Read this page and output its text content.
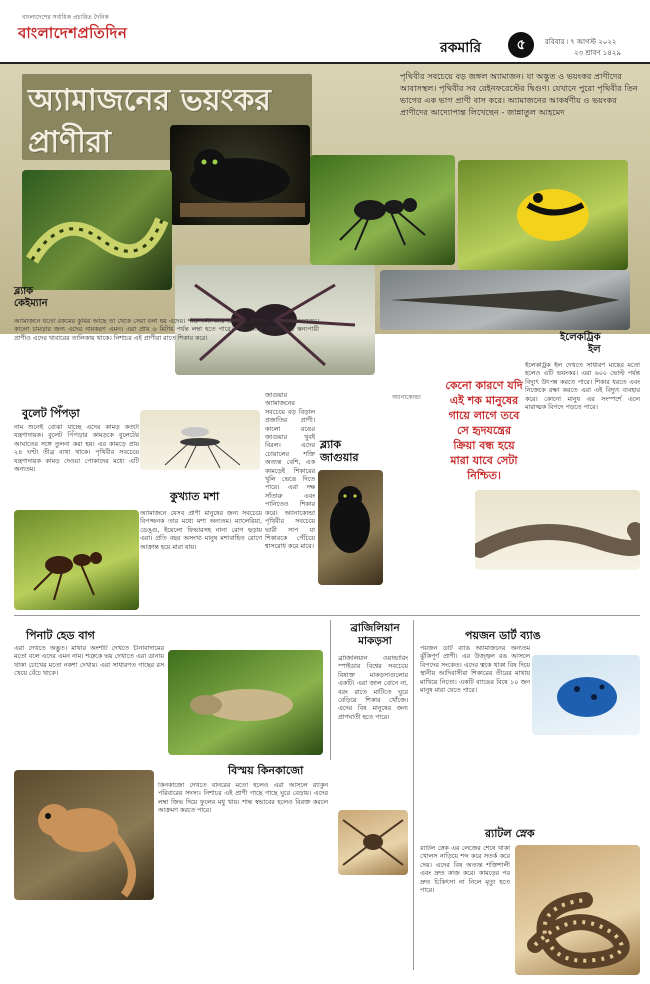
বাংলাদেশের সর্বাধিক প্রচারিত দৈনিক
বাংলাদেশপ্রতিদিন
রকমারি	৫	রবিবার ৷ ৭ আগস্ট ২০২২
২৩ শ্রাবণ ১৪২৯
অ্যামাজনের ভয়ংকর
প্রাণীরা
পৃথিবীর সবচেয়ে বড় জঙ্গল অ্যামাজন। যা অদ্ভুত ও ভয়ংকর প্রাণীদের আবাসস্থল। পৃথিবীর সব রেইনফরেস্টের দ্বিগুণ। যেখানে পুরো পৃথিবীর তিন ভাগের এক ভাগ প্রাণী বাস করে। অ্যামাজনের আকর্ষণীয় ও ভয়ংকর প্রাণীদের আদ্যোপান্ত লিখেছেন - জান্নাতুল আহমেদ
ব্ল্যাক
কেইম্যান
অ্যামাজনে যতো রকমের কুমির আছে তা থেকে সেরা বলা হয় এদের। শক্তিশালী আর ভয়ংকর প্রাণীদের মধ্যে এরা অন্যতম। কালো চামড়ার জন্য এদের নামকরণ এমন। এরা প্রায় ৬ মিটার পর্যন্ত লম্বা হতে পারে। মাছ, পাখি এমনকি বড় স্তন্যপায়ী প্রাণীও এদের খাবারের তালিকায় থাকে। নিশাচর এই প্রাণীরা রাতে শিকার করে।	ইলেকট্রিক
ইল
ইলেকট্রিক ইল দেখতে সাধারণ মাছের মতো হলেও এটি ভয়ংকর। এরা ৬০০ ভোল্ট পর্যন্ত বিদ্যুৎ উৎপন্ন করতে পারে। শিকার ধরতে এবং নিজেকে রক্ষা করতে এরা এই বিদ্যুৎ ব্যবহার করে। কোনো মানুষ এর সংস্পর্শে এলে মারাত্মক বিপদে পড়তে পারে।
কেনো কারণে যদি এই শক মানুষের গায়ে লাগে তবে সে হৃদযন্ত্রের ক্রিয়া বন্ধ হয়ে মারা যাবে সেটা নিশ্চিত।
বুলেট পিঁপড়া
নাম শুনেই বোঝা যাচ্ছে এদের কামড় কতটা যন্ত্রণাদায়ক। বুলেট পিঁপড়ার কামড়কে বুলেটের আঘাতের সঙ্গে তুলনা করা হয়। এর কামড়ে প্রায় ২৪ ঘণ্টা তীব্র ব্যথা থাকে। পৃথিবীর সবচেয়ে যন্ত্রণাদায়ক কামড় দেওয়া পোকাদের মধ্যে এটি অন্যতম।
কুখ্যাত মশা
অ্যামাজনে যেসব প্রাণী মানুষের জন্য সবচেয়ে বিপজ্জনক তার মধ্যে মশা অন্যতম। ম্যালেরিয়া, ডেঙ্গু, ইয়েলো ফিভারসহ নানা রোগ ছড়ায় এরা। প্রতি বছর অসংখ্য মানুষ মশাবাহিত রোগে আক্রান্ত হয়ে মারা যায়।
অ্যানাকোন্ডা
ব্ল্যাক
জাগুয়ার
জাগুয়ার অ্যামাজনের সবচেয়ে বড় বিড়াল প্রজাতির প্রাণী। কালো রঙের জাগুয়ার খুবই বিরল। এদের চোয়ালের শক্তি অত্যন্ত বেশি, এক কামড়েই শিকারের খুলি ভেঙে দিতে পারে। এরা দক্ষ সাঁতারু এবং পানিতেও শিকার করে। অ্যানাকোন্ডা পৃথিবীর সবচেয়ে ভারী সাপ যা শিকারকে পেঁচিয়ে শ্বাসরোধ করে মারে।
পিনাট হেড বাগ
এরা দেখতে অদ্ভুত। মাথার অংশটি দেখতে চীনাবাদামের মতো বলে এদের এমন নাম। শত্রুকে ভয় দেখাতে এরা ডানায় থাকা চোখের মতো নকশা দেখায়। এরা সাধারণত গাছের রস খেয়ে বেঁচে থাকে।
ব্রাজিলিয়ান
মাকড়সা
ব্রাজিলিয়ান ওয়ান্ডারিং স্পাইডার বিশ্বের সবচেয়ে বিষাক্ত মাকড়সাগুলোর একটি। এরা জাল বোনে না, বরং রাতে মাটিতে ঘুরে বেড়িয়ে শিকার খোঁজে। এদের বিষ মানুষের জন্য প্রাণঘাতী হতে পারে।
পয়জন ডার্ট ব্যাঙ
পয়জন ডার্ট ব্যাঙ অ্যামাজনের অন্যতম ঝুঁকিপূর্ণ প্রাণী। এর উজ্জ্বল রঙ আসলে বিপদের সংকেত। এদের ত্বকে থাকা বিষ দিয়ে স্থানীয় আদিবাসীরা শিকারের তীরের মাথায় মাখিয়ে নিতো। একটি ব্যাঙের বিষে ১০ জন মানুষ মারা যেতে পারে।
বিস্ময় কিনকাজো
কিনকাজো দেখতে বানরের মতো হলেও এরা আসলে র‍্যাকুন পরিবারের সদস্য। নিশাচর এই প্রাণী গাছে গাছে ঘুরে বেড়ায়। এদের লম্বা জিভ দিয়ে ফুলের মধু খায়। শান্ত স্বভাবের হলেও বিরক্ত করলে আক্রমণ করতে পারে।
র‍্যাটল স্নেক
র‍্যাটল স্নেক এর লেজের শেষে থাকা খোলস নাড়িয়ে শব্দ করে সতর্ক করে দেয়। এদের বিষ অত্যন্ত শক্তিশালী এবং দ্রুত কাজ করে। কামড়ের পর দ্রুত চিকিৎসা না নিলে মৃত্যু হতে পারে।
